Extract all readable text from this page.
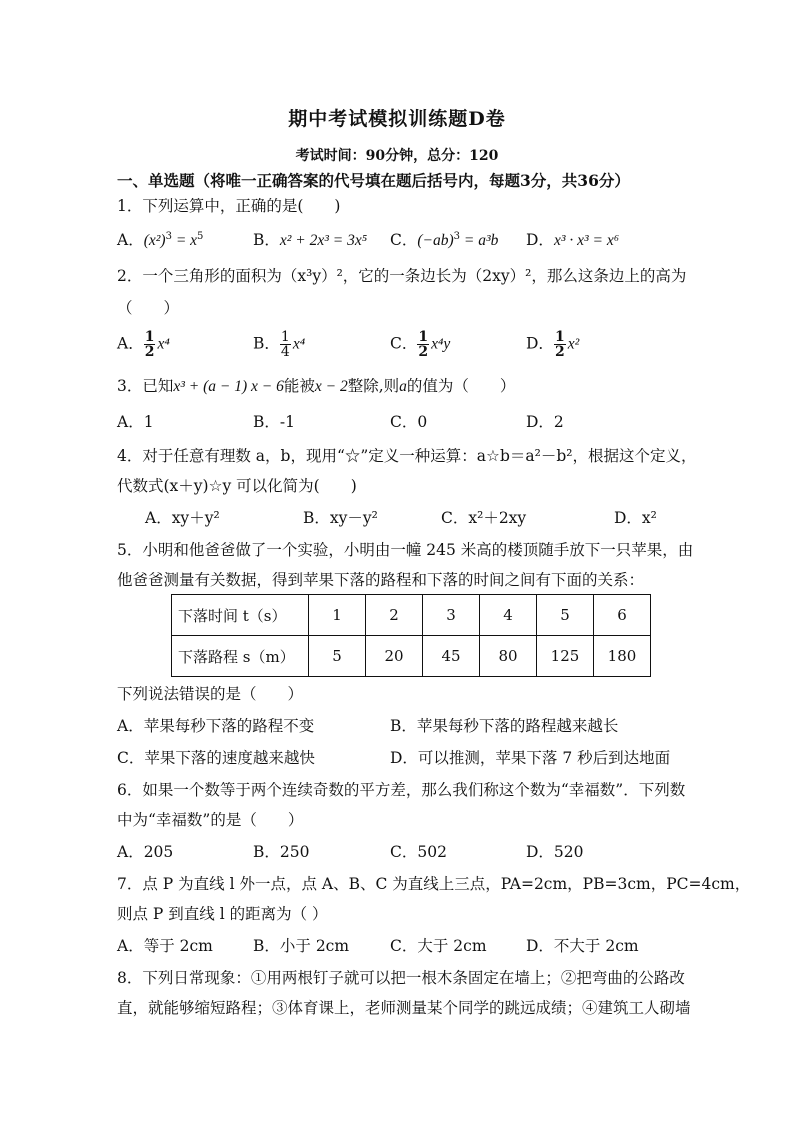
期中考试模拟训练题D卷
考试时间：90分钟，总分：120
一、单选题（将唯一正确答案的代号填在题后括号内，每题3分，共36分）
1．下列运算中，正确的是(　　)
A．$(x^2)^3 = x^5$	B．x² + 2x³ = 3x⁵ C．$(-ab)^3 = a^3b$ D．x³ · x³ = x⁶
2．一个三角形的面积为（x³y）²，它的一条边长为（2xy）²，那么这条边上的高为
（　　）
A． $\frac{1}{2} x^4$	B． $\frac{1}{4} x^4$	C． $\frac{1}{2} x^4y$	D． $\frac{1}{2} x^2$
3．已知x³ + (a − 1) x − 6能被x − 2整除,则a的值为（　　）
A．1	B．-1	C．0	D．2
4．对于任意有理数 a，b，现用“☆”定义一种运算：a☆b＝a²－b²，根据这个定义，
代数式(x＋y)☆y 可以化简为(　　)
A．xy＋y²	B．xy－y²	C．x²＋2xy	D．x²
5．小明和他爸爸做了一个实验，小明由一幢 245 米高的楼顶随手放下一只苹果，由
他爸爸测量有关数据，得到苹果下落的路程和下落的时间之间有下面的关系：
下落时间 t（s）	1	2	3	4	5	6
下落路程 s（m）	5	20	45	80	125	180
下列说法错误的是（　　）
A．苹果每秒下落的路程不变	B．苹果每秒下落的路程越来越长
C．苹果下落的速度越来越快	D．可以推测，苹果下落 7 秒后到达地面
6．如果一个数等于两个连续奇数的平方差，那么我们称这个数为“幸福数”．下列数
中为“幸福数”的是（　　）
A．205	B．250	C．502	D．520
7．点 P 为直线 l 外一点，点 A、B、C 为直线上三点，PA=2cm，PB=3cm，PC=4cm，
则点 P 到直线 l 的距离为（ ）
A．等于 2cm	B．小于 2cm	C．大于 2cm	D．不大于 2cm
8．下列日常现象：①用两根钉子就可以把一根木条固定在墙上；②把弯曲的公路改
直，就能够缩短路程；③体育课上，老师测量某个同学的跳远成绩；④建筑工人砌墙
